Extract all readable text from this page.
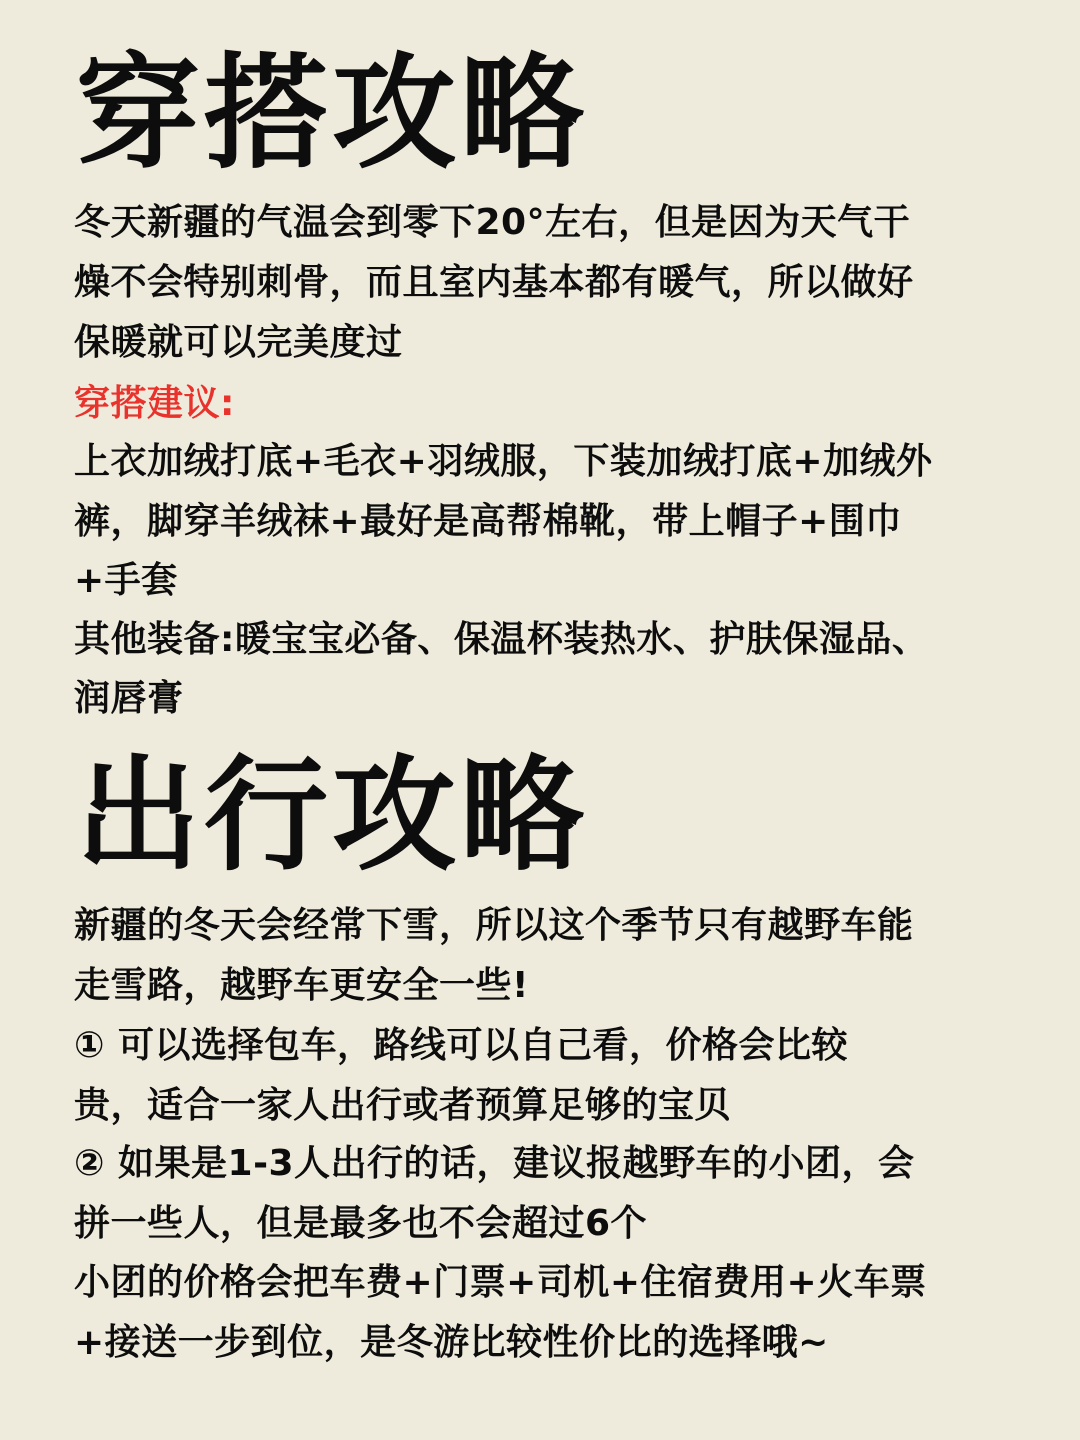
穿搭攻略
冬天新疆的气温会到零下20°左右，但是因为天气干
燥不会特别刺骨，而且室内基本都有暖气，所以做好
保暖就可以完美度过
穿搭建议:
上衣加绒打底+毛衣+羽绒服，下装加绒打底+加绒外
裤，脚穿羊绒袜+最好是高帮棉靴，带上帽子+围巾
+手套
其他装备:暖宝宝必备、保温杯装热水、护肤保湿品、
润唇膏
出行攻略
新疆的冬天会经常下雪，所以这个季节只有越野车能
走雪路，越野车更安全一些!
① 可以选择包车，路线可以自己看，价格会比较
贵，适合一家人出行或者预算足够的宝贝
② 如果是1-3人出行的话，建议报越野车的小团，会
拼一些人，但是最多也不会超过6个
小团的价格会把车费+门票+司机+住宿费用+火车票
+接送一步到位，是冬游比较性价比的选择哦~
